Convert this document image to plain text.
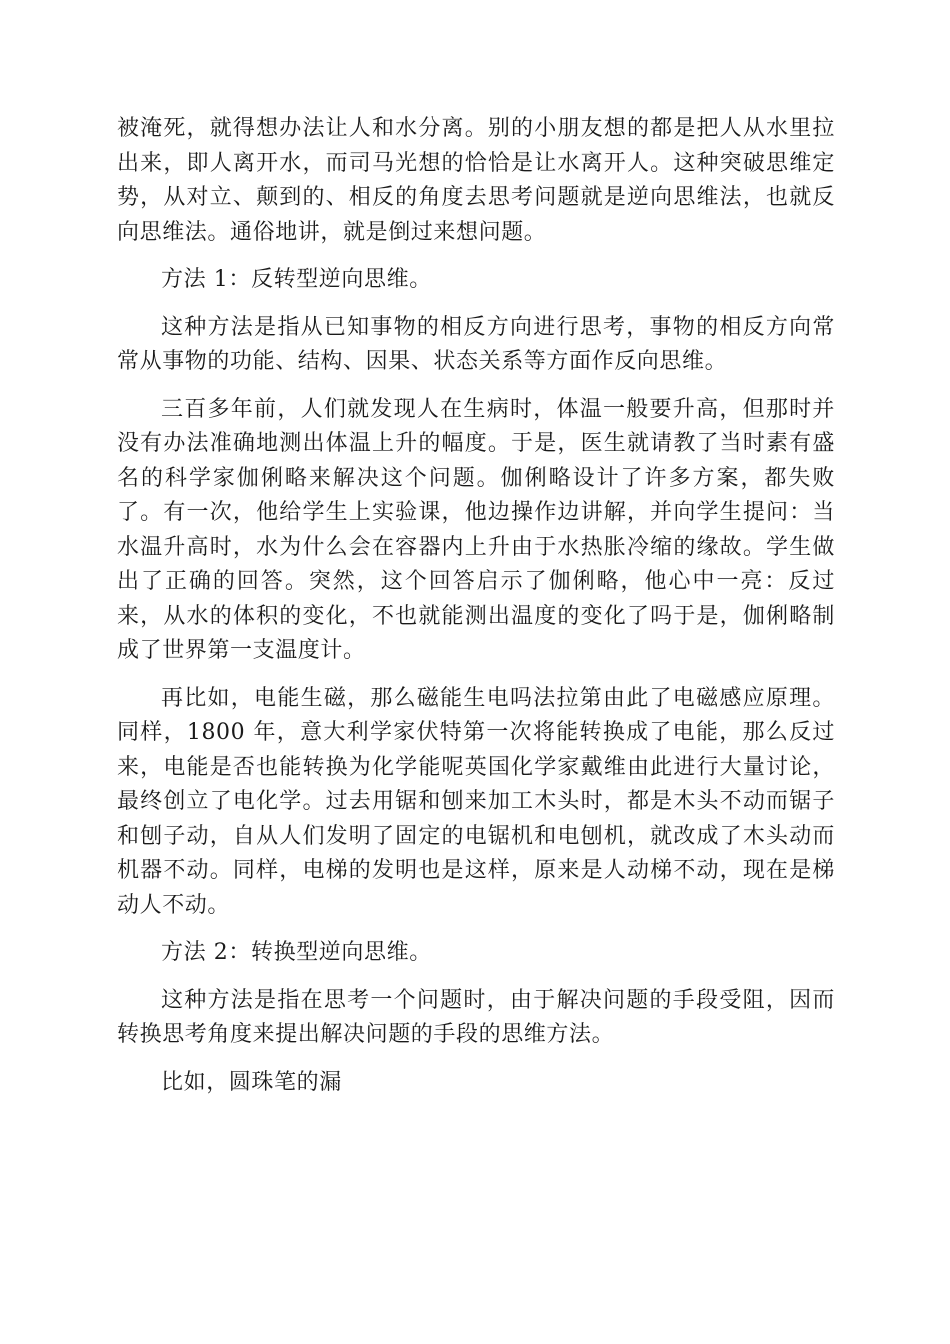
被淹死，就得想办法让人和水分离。别的小朋友想的都是把人从水里拉出来，即人离开水，而司马光想的恰恰是让水离开人。这种突破思维定势，从对立、颠到的、相反的角度去思考问题就是逆向思维法，也就反向思维法。通俗地讲，就是倒过来想问题。

方法 1：反转型逆向思维。

这种方法是指从已知事物的相反方向进行思考，事物的相反方向常常从事物的功能、结构、因果、状态关系等方面作反向思维。

三百多年前，人们就发现人在生病时，体温一般要升高，但那时并没有办法准确地测出体温上升的幅度。于是，医生就请教了当时素有盛名的科学家伽俐略来解决这个问题。伽俐略设计了许多方案，都失败了。有一次，他给学生上实验课，他边操作边讲解，并向学生提问：当水温升高时，水为什么会在容器内上升由于水热胀冷缩的缘故。学生做出了正确的回答。突然，这个回答启示了伽俐略，他心中一亮：反过来，从水的体积的变化，不也就能测出温度的变化了吗于是，伽俐略制成了世界第一支温度计。

再比如，电能生磁，那么磁能生电吗法拉第由此了电磁感应原理。同样，1800 年，意大利学家伏特第一次将能转换成了电能，那么反过来，电能是否也能转换为化学能呢英国化学家戴维由此进行大量讨论，最终创立了电化学。过去用锯和刨来加工木头时，都是木头不动而锯子和刨子动，自从人们发明了固定的电锯机和电刨机，就改成了木头动而机器不动。同样，电梯的发明也是这样，原来是人动梯不动，现在是梯动人不动。

方法 2：转换型逆向思维。

这种方法是指在思考一个问题时，由于解决问题的手段受阻，因而转换思考角度来提出解决问题的手段的思维方法。

比如，圆珠笔的漏
